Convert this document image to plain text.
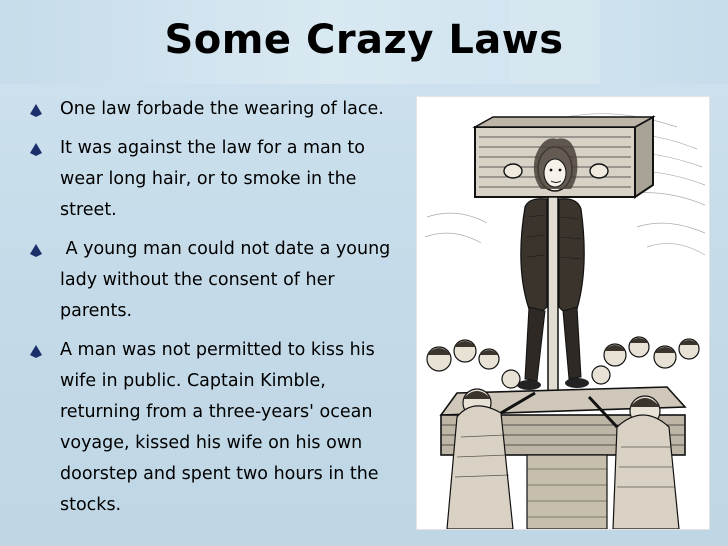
Some Crazy Laws
One law forbade the wearing of lace.
It was against the law for a man to wear long hair, or to smoke in the street.
A young man could not date a young lady without the consent of her parents.
A man was not permitted to kiss his wife in public. Captain Kimble, returning from a three-years' ocean voyage, kissed his wife on his own doorstep and spent two hours in the stocks.
